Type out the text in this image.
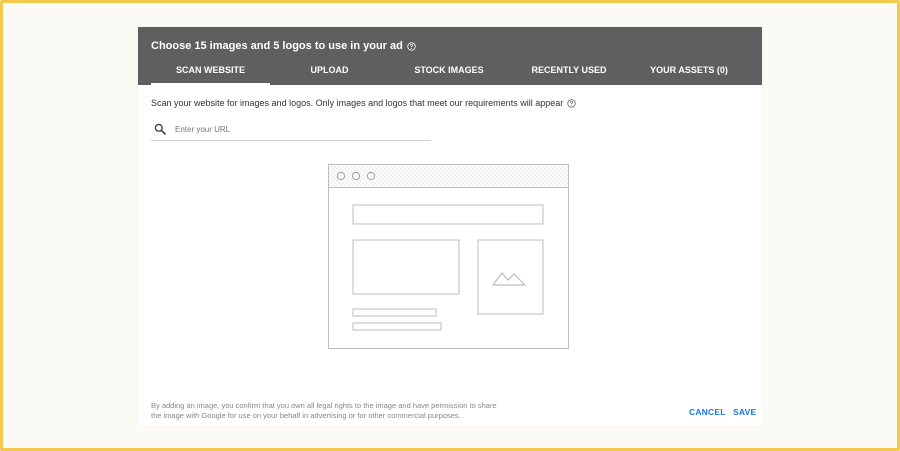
Choose 15 images and 5 logos to use in your ad
SCAN WEBSITE	UPLOAD	STOCK IMAGES	RECENTLY USED	YOUR ASSETS (0)
Scan your website for images and logos. Only images and logos that meet our requirements will appear
Enter your URL
By adding an image, you confirm that you own all legal rights to the image and have permission to share
the image with Google for use on your behalf in advertising or for other commercial purposes.	CANCEL SAVE
